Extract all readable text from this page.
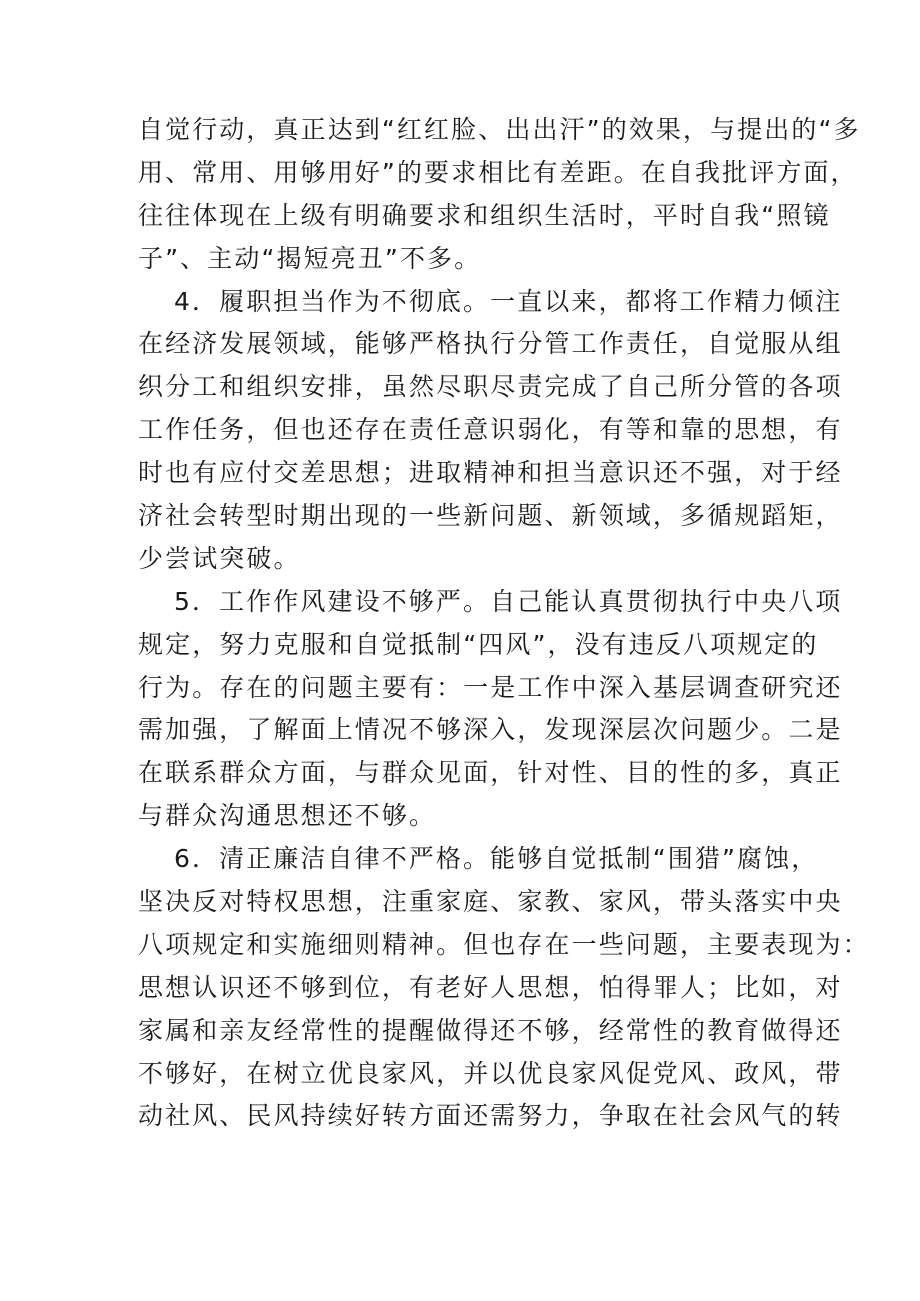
自觉行动，真正达到“红红脸、出出汗”的效果，与提出的“多
用、常用、用够用好”的要求相比有差距。在自我批评方面，
往往体现在上级有明确要求和组织生活时，平时自我“照镜
子”、主动“揭短亮丑”不多。
4．履职担当作为不彻底。一直以来，都将工作精力倾注
在经济发展领域，能够严格执行分管工作责任，自觉服从组
织分工和组织安排，虽然尽职尽责完成了自己所分管的各项
工作任务，但也还存在责任意识弱化，有等和靠的思想，有
时也有应付交差思想；进取精神和担当意识还不强，对于经
济社会转型时期出现的一些新问题、新领域，多循规蹈矩，
少尝试突破。
5．工作作风建设不够严。自己能认真贯彻执行中央八项
规定，努力克服和自觉抵制“四风”，没有违反八项规定的
行为。存在的问题主要有：一是工作中深入基层调查研究还
需加强，了解面上情况不够深入，发现深层次问题少。二是
在联系群众方面，与群众见面，针对性、目的性的多，真正
与群众沟通思想还不够。
6．清正廉洁自律不严格。能够自觉抵制“围猎”腐蚀，
坚决反对特权思想，注重家庭、家教、家风，带头落实中央
八项规定和实施细则精神。但也存在一些问题，主要表现为：
思想认识还不够到位，有老好人思想，怕得罪人；比如，对
家属和亲友经常性的提醒做得还不够，经常性的教育做得还
不够好，在树立优良家风，并以优良家风促党风、政风，带
动社风、民风持续好转方面还需努力，争取在社会风气的转
